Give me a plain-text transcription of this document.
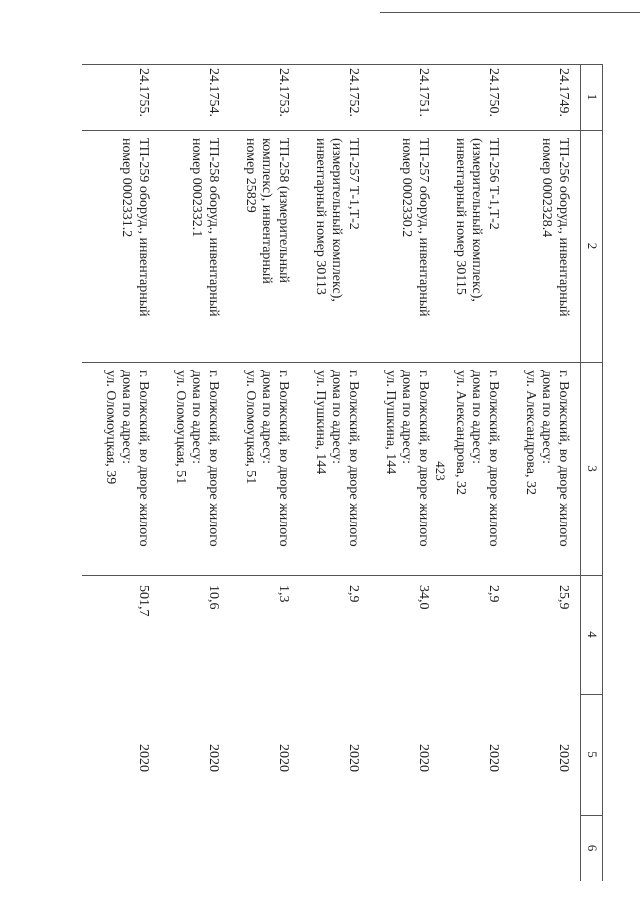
423
1
2
3
4
5
6
24.1749.
ТП-256 оборуд., инвентарный
номер 0002328.4
г. Волжский, во дворе жилого
дома по адресу:
ул. Александрова, 32
25,9
2020
24.1750.
ТП-256 Т-1,Т-2
(измерительный комплекс),
инвентарный номер 30115
г. Волжский, во дворе жилого
дома по адресу:
ул. Александрова, 32
2,9
2020
24.1751.
ТП-257 оборуд., инвентарный
номер 0002330.2
г. Волжский, во дворе жилого
дома по адресу:
ул. Пушкина, 144
34,0
2020
24.1752.
ТП-257 Т-1,Т-2
(измерительный комплекс),
инвентарный номер 30113
г. Волжский, во дворе жилого
дома по адресу:
ул. Пушкина, 144
2,9
2020
24.1753.
ТП-258 (измерительный
комплекс), инвентарный
номер 25829
г. Волжский, во дворе жилого
дома по адресу:
ул. Оломоуцкая, 51
1,3
2020
24.1754.
ТП-258 оборуд., инвентарный
номер 0002332.1
г. Волжский, во дворе жилого
дома по адресу:
ул. Оломоуцкая, 51
10,6
2020
24.1755.
ТП-259 оборуд., инвентарный
номер 0002331.2
г. Волжский, во дворе жилого
дома по адресу:
ул. Оломоуцкая, 39
501,7
2020
